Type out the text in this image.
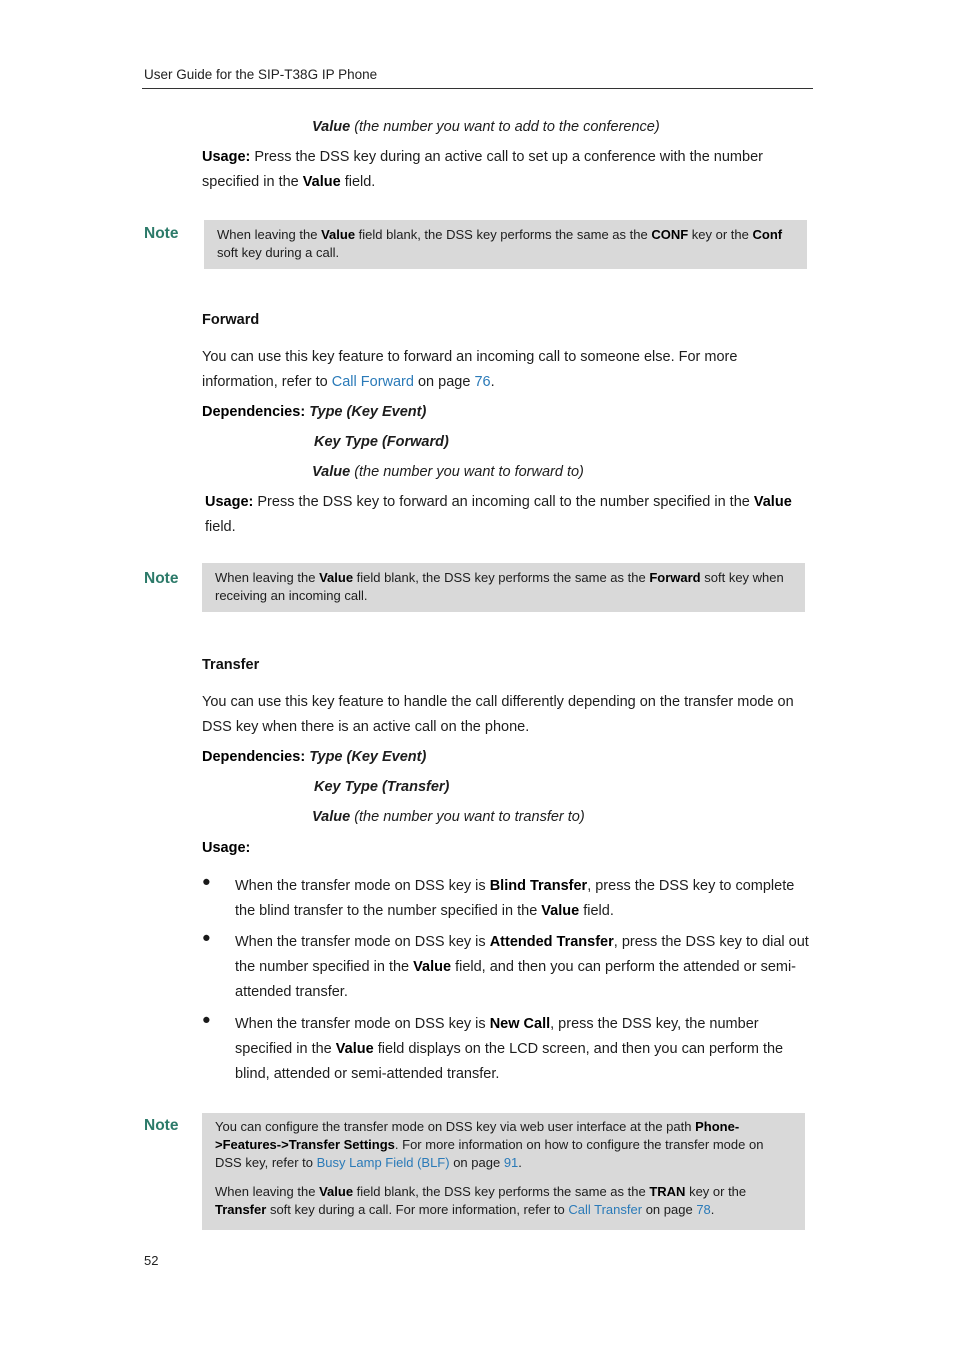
User Guide for the SIP-T38G IP Phone
Value (the number you want to add to the conference)
Usage: Press the DSS key during an active call to set up a conference with the number specified in the Value field.
Note	When leaving the Value field blank, the DSS key performs the same as the CONF key or the Conf soft key during a call.
Forward
You can use this key feature to forward an incoming call to someone else. For more information, refer to Call Forward on page 76.
Dependencies: Type (Key Event)
Key Type (Forward)
Value (the number you want to forward to)
Usage: Press the DSS key to forward an incoming call to the number specified in the Value field.
Note	When leaving the Value field blank, the DSS key performs the same as the Forward soft key when receiving an incoming call.
Transfer
You can use this key feature to handle the call differently depending on the transfer mode on DSS key when there is an active call on the phone.
Dependencies: Type (Key Event)
Key Type (Transfer)
Value (the number you want to transfer to)
Usage:
● When the transfer mode on DSS key is Blind Transfer, press the DSS key to complete the blind transfer to the number specified in the Value field.
● When the transfer mode on DSS key is Attended Transfer, press the DSS key to dial out the number specified in the Value field, and then you can perform the attended or semi-attended transfer.
● When the transfer mode on DSS key is New Call, press the DSS key, the number specified in the Value field displays on the LCD screen, and then you can perform the blind, attended or semi-attended transfer.
Note	You can configure the transfer mode on DSS key via web user interface at the path Phone->Features->Transfer Settings. For more information on how to configure the transfer mode on DSS key, refer to Busy Lamp Field (BLF) on page 91.
When leaving the Value field blank, the DSS key performs the same as the TRAN key or the Transfer soft key during a call. For more information, refer to Call Transfer on page 78.
52
